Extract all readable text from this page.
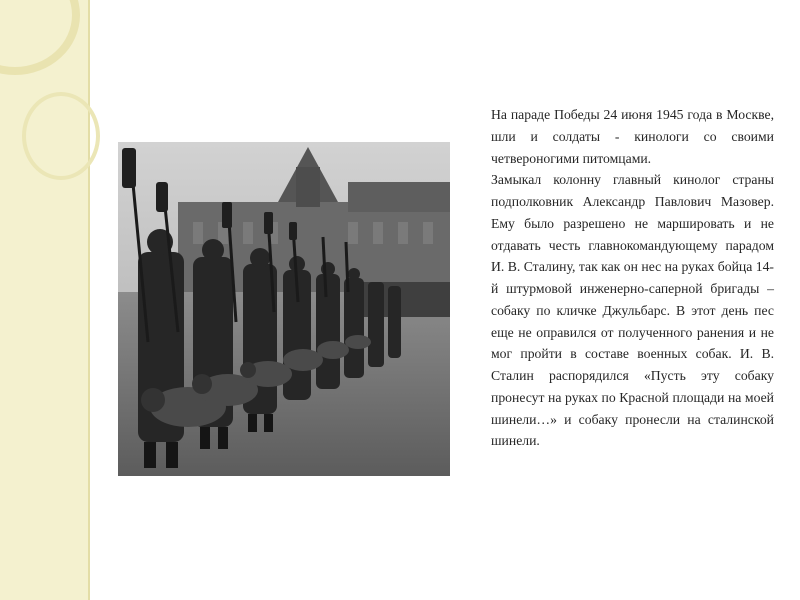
На параде Победы 24 июня 1945 года в Москве, шли и солдаты - кинологи со своими четвероногими питомцами.

Замыкал колонну главный кинолог страны подполковник Александр Павлович Мазовер. Ему было разрешено не маршировать и не отдавать честь главнокомандующему парадом И. В. Сталину, так как он нес на руках бойца 14-й штурмовой инженерно-саперной бригады – собаку по кличке Джульбарс. В этот день пес еще не оправился от полученного ранения и не мог пройти в составе военных собак. И. В. Сталин распорядился «Пусть эту собаку пронесут на руках по Красной площади на моей шинели…» и собаку пронесли на сталинской шинели.
